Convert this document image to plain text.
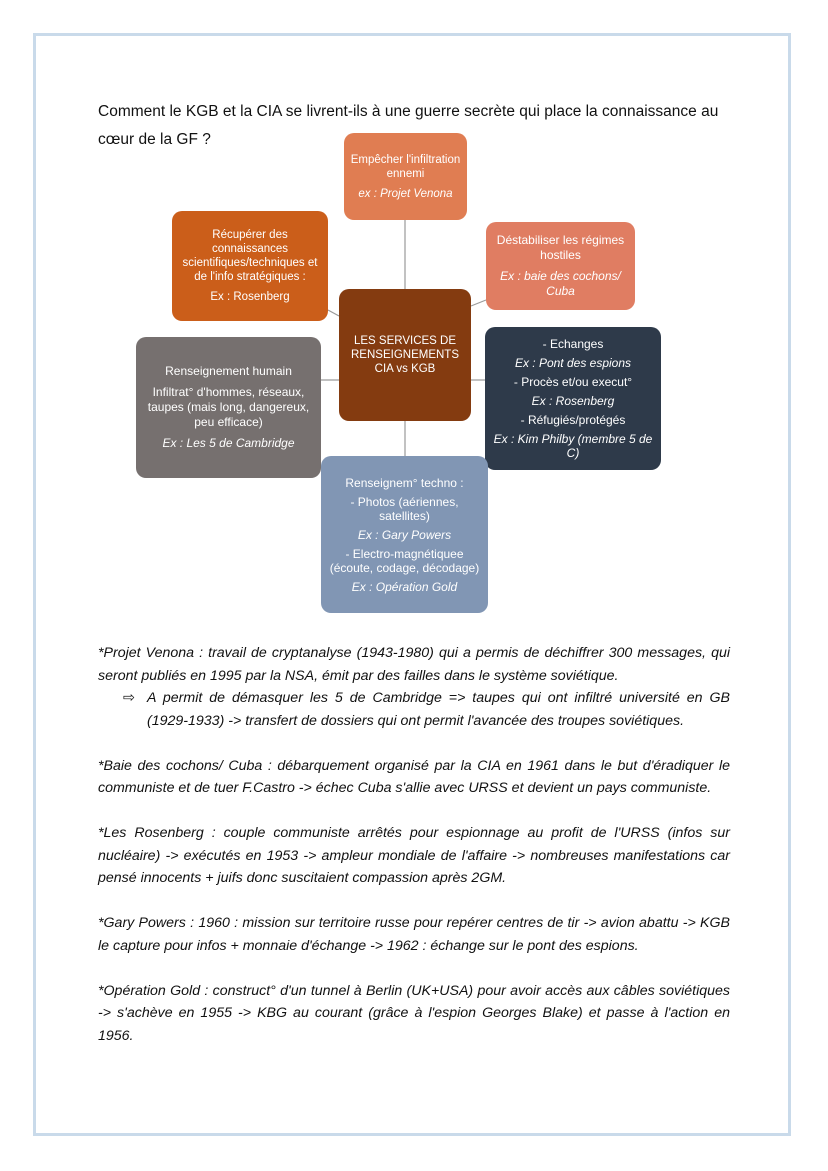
Comment le KGB et la CIA se livrent-ils à une guerre secrète qui place la connaissance au cœur de la GF ?

Empêcher l'infiltration ennemi

ex : Projet Venona

Récupérer des connaissances scientifiques/techniques et de l'info stratégiques :

Ex : Rosenberg

Déstabiliser les régimes hostiles

Ex : baie des cochons/ Cuba

LES SERVICES DE RENSEIGNEMENTS CIA vs KGB

Renseignement humain

Infiltrat° d'hommes, réseaux, taupes (mais long, dangereux, peu efficace)

Ex : Les 5 de Cambridge

- Echanges

Ex : Pont des espions

- Procès et/ou execut°

Ex : Rosenberg

- Réfugiés/protégés

Ex : Kim Philby (membre 5 de C)

Renseignem° techno :

- Photos (aériennes, satellites)

Ex : Gary Powers

- Electro-magnétiquee (écoute, codage, décodage)

Ex : Opération Gold

*Projet Venona : travail de cryptanalyse (1943-1980) qui a permis de déchiffrer 300 messages, qui seront publiés en 1995 par la NSA, émit par des failles dans le système soviétique.

⇨ A permit de démasquer les 5 de Cambridge => taupes qui ont infiltré université en GB (1929-1933) -> transfert de dossiers qui ont permit l'avancée des troupes soviétiques.

*Baie des cochons/ Cuba : débarquement organisé par la CIA en 1961 dans le but d'éradiquer le communiste et de tuer F.Castro -> échec Cuba s'allie avec URSS et devient un pays communiste.

*Les Rosenberg : couple communiste arrêtés pour espionnage au profit de l'URSS (infos sur nucléaire) -> exécutés en 1953 -> ampleur mondiale de l'affaire -> nombreuses manifestations car pensé innocents + juifs donc suscitaient compassion après 2GM.

*Gary Powers : 1960 : mission sur territoire russe pour repérer centres de tir -> avion abattu -> KGB le capture pour infos + monnaie d'échange -> 1962 : échange sur le pont des espions.

*Opération Gold : construct° d'un tunnel à Berlin (UK+USA) pour avoir accès aux câbles soviétiques -> s'achève en 1955 -> KBG au courant (grâce à l'espion Georges Blake) et passe à l'action en 1956.
